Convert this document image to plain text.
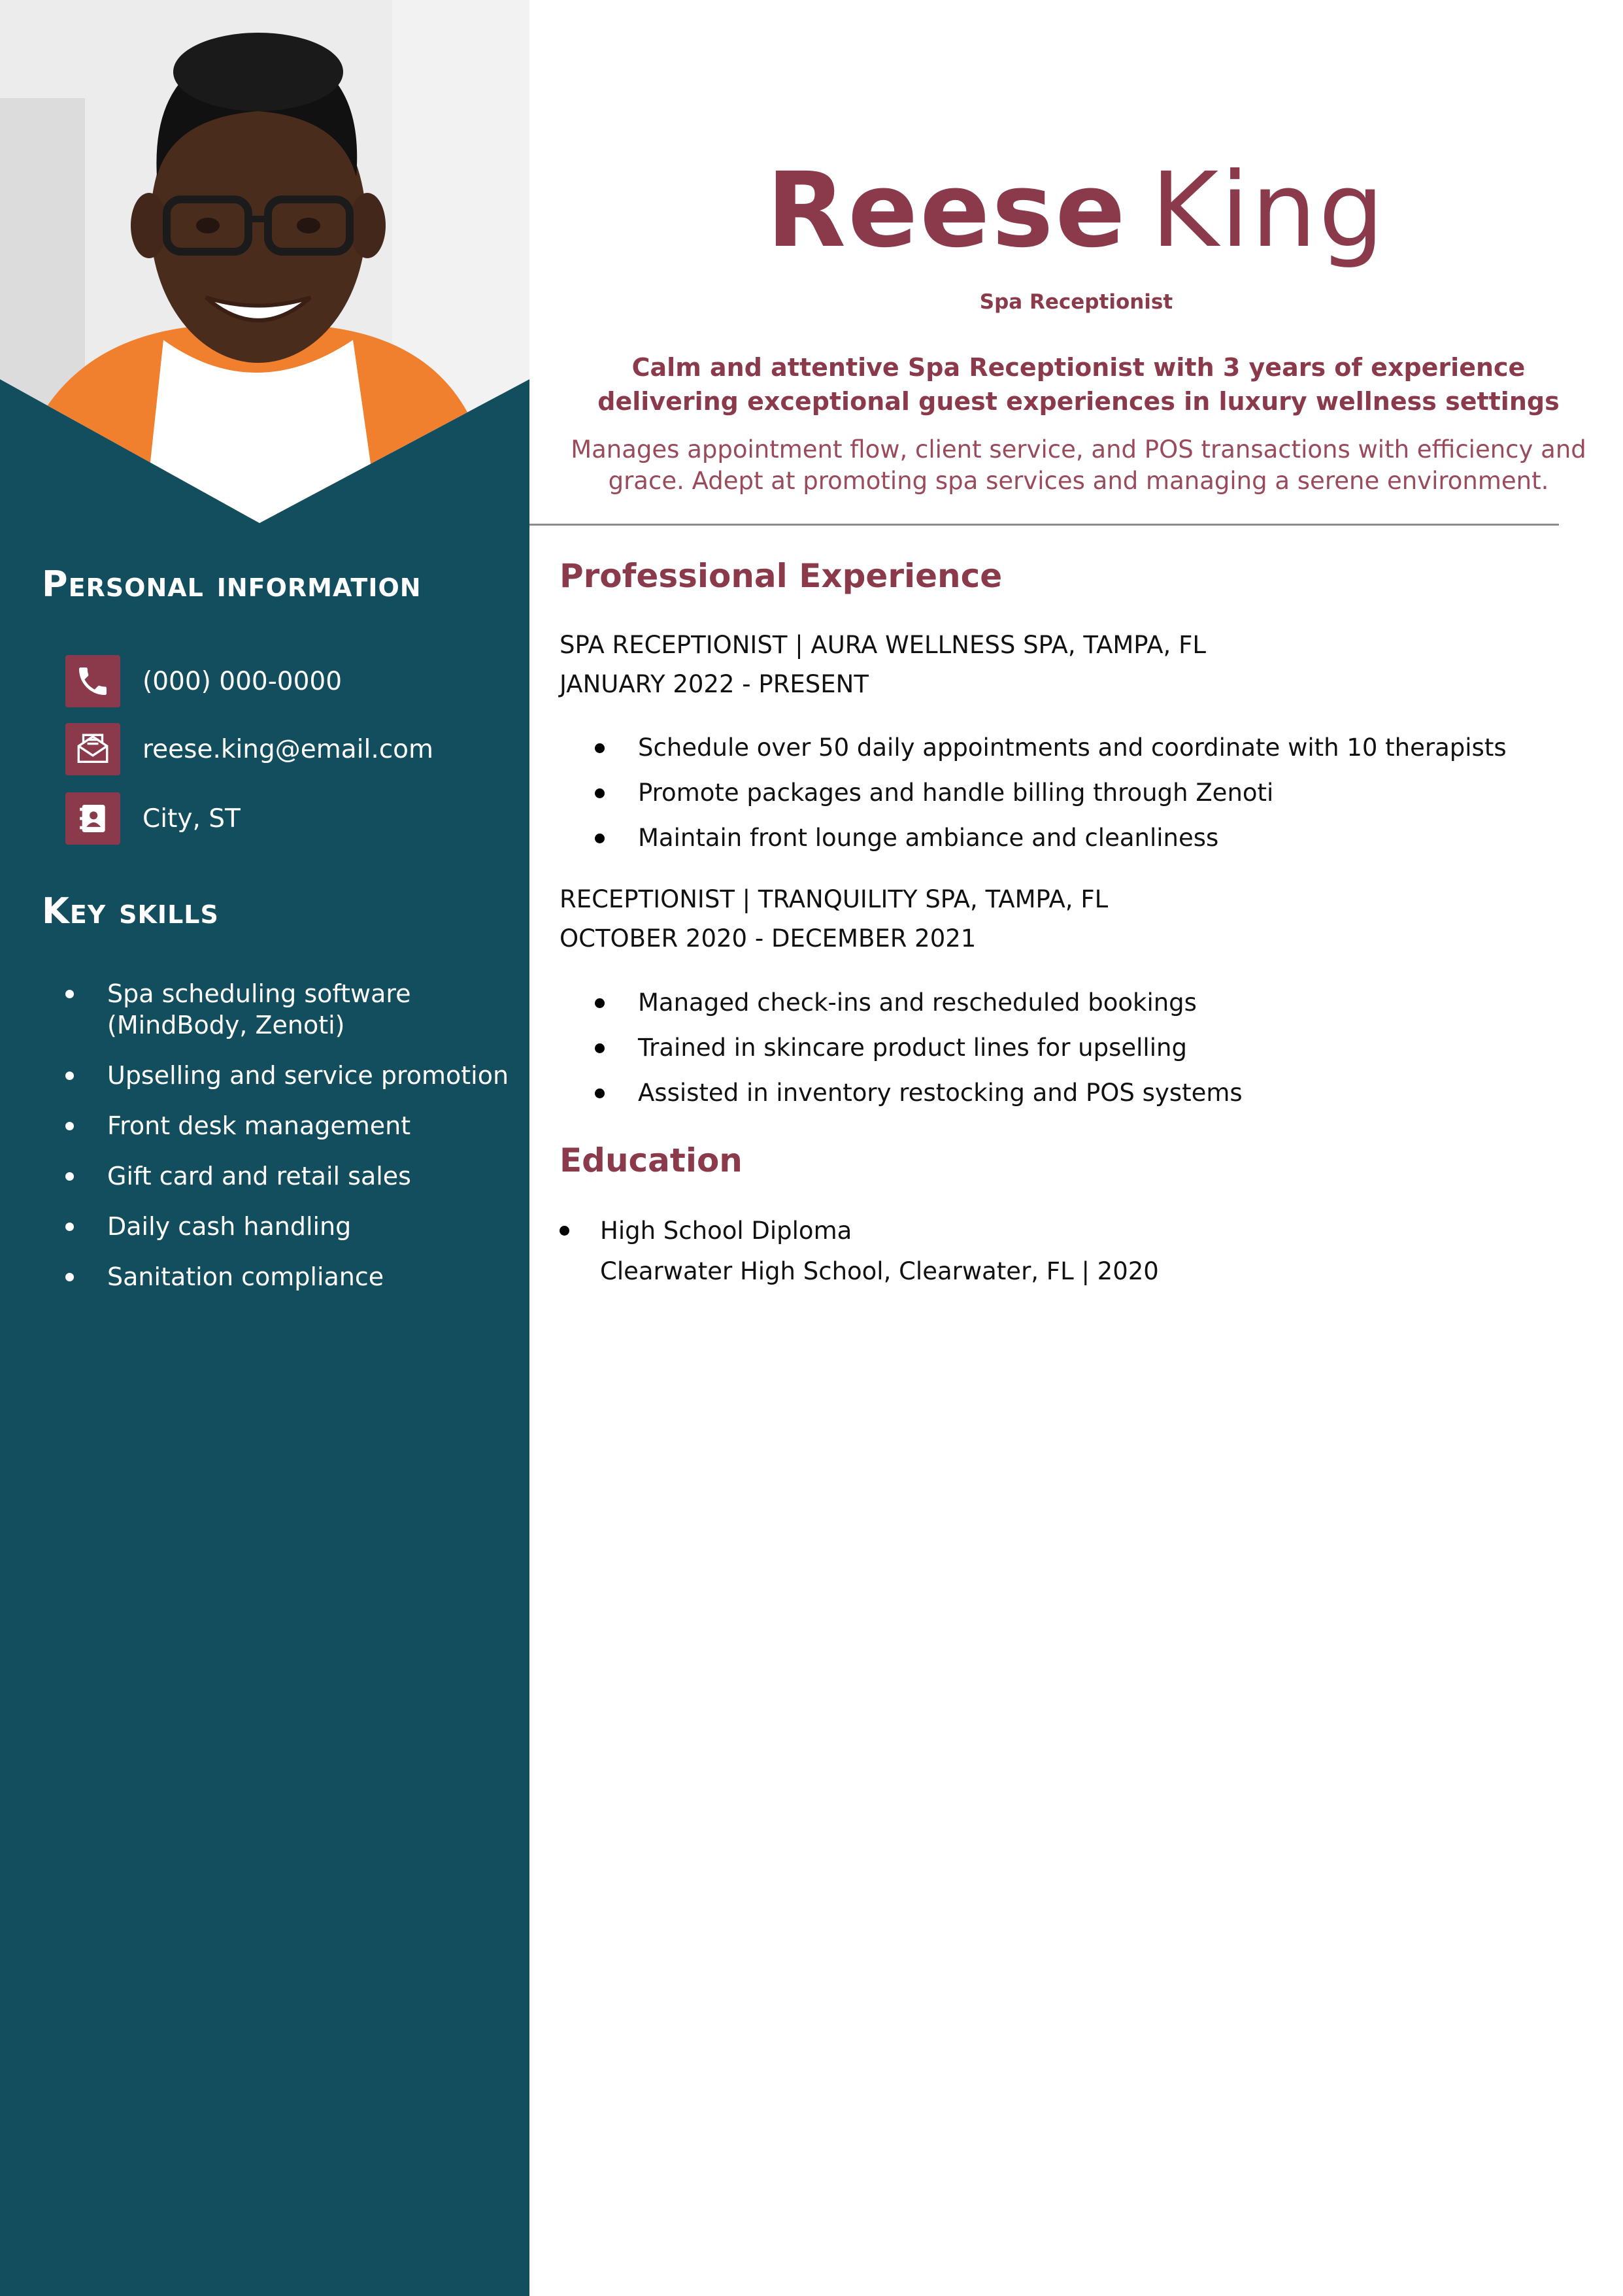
Personal information
(000) 000-0000
reese.king@email.com
City, ST
Key skills
Spa scheduling software (MindBody, Zenoti)
Upselling and service promotion
Front desk management
Gift card and retail sales
Daily cash handling
Sanitation compliance
Reese King
Spa Receptionist

Calm and attentive Spa Receptionist with 3 years of experience delivering exceptional guest experiences in luxury wellness settings

Manages appointment flow, client service, and POS transactions with efficiency and grace. Adept at promoting spa services and managing a serene environment.

Professional Experience
SPA RECEPTIONIST | AURA WELLNESS SPA, TAMPA, FL
JANUARY 2022 - PRESENT
Schedule over 50 daily appointments and coordinate with 10 therapists
Promote packages and handle billing through Zenoti
Maintain front lounge ambiance and cleanliness
RECEPTIONIST | TRANQUILITY SPA, TAMPA, FL
OCTOBER 2020 - DECEMBER 2021
Managed check-ins and rescheduled bookings
Trained in skincare product lines for upselling
Assisted in inventory restocking and POS systems
Education
High School Diploma
Clearwater High School, Clearwater, FL | 2020
